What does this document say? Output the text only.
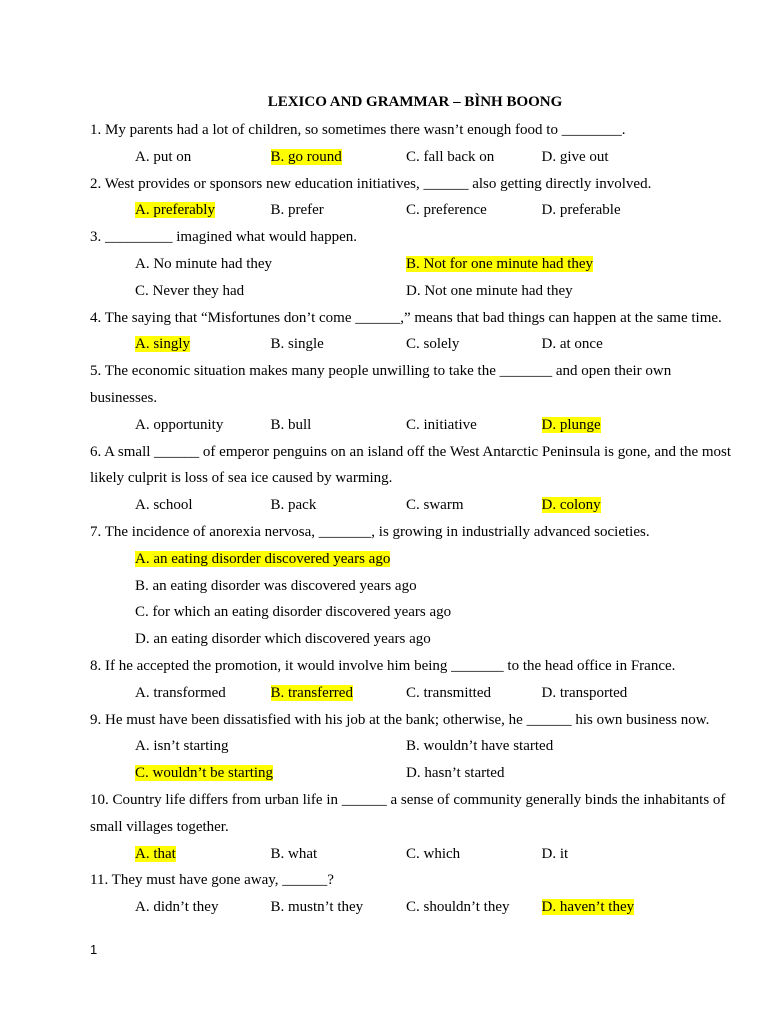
LEXICO AND GRAMMAR – BÌNH BOONG

1. My parents had a lot of children, so sometimes there wasn’t enough food to ________.

A. put on	B. go round	C. fall back on	D. give out

2. West provides or sponsors new education initiatives, ______ also getting directly involved.

A. preferably	B. prefer	C. preference	D. preferable

3. _________ imagined what would happen.

A. No minute had they	B. Not for one minute had they
C. Never they had	D. Not one minute had they

4. The saying that “Misfortunes don’t come ______,” means that bad things can happen at the same time.

A. singly	B. single	C. solely	D. at once

5. The economic situation makes many people unwilling to take the _______ and open their own businesses.

A. opportunity	B. bull	C. initiative	D. plunge

6. A small ______ of emperor penguins on an island off the West Antarctic Peninsula is gone, and the most likely culprit is loss of sea ice caused by warming.

A. school	B. pack	C. swarm	D. colony

7. The incidence of anorexia nervosa, _______, is growing in industrially advanced societies.

A. an eating disorder discovered years ago
B. an eating disorder was discovered years ago
C. for which an eating disorder discovered years ago
D. an eating disorder which discovered years ago

8. If he accepted the promotion, it would involve him being _______ to the head office in France.

A. transformed	B. transferred	C. transmitted	D. transported

9. He must have been dissatisfied with his job at the bank; otherwise, he ______ his own business now.

A. isn’t starting	B. wouldn’t have started
C. wouldn’t be starting	D. hasn’t started

10. Country life differs from urban life in ______ a sense of community generally binds the inhabitants of small villages together.

A. that	B. what	C. which	D. it

11. They must have gone away, ______?

A. didn’t they	B. mustn’t they	C. shouldn’t they	D. haven’t they
1
